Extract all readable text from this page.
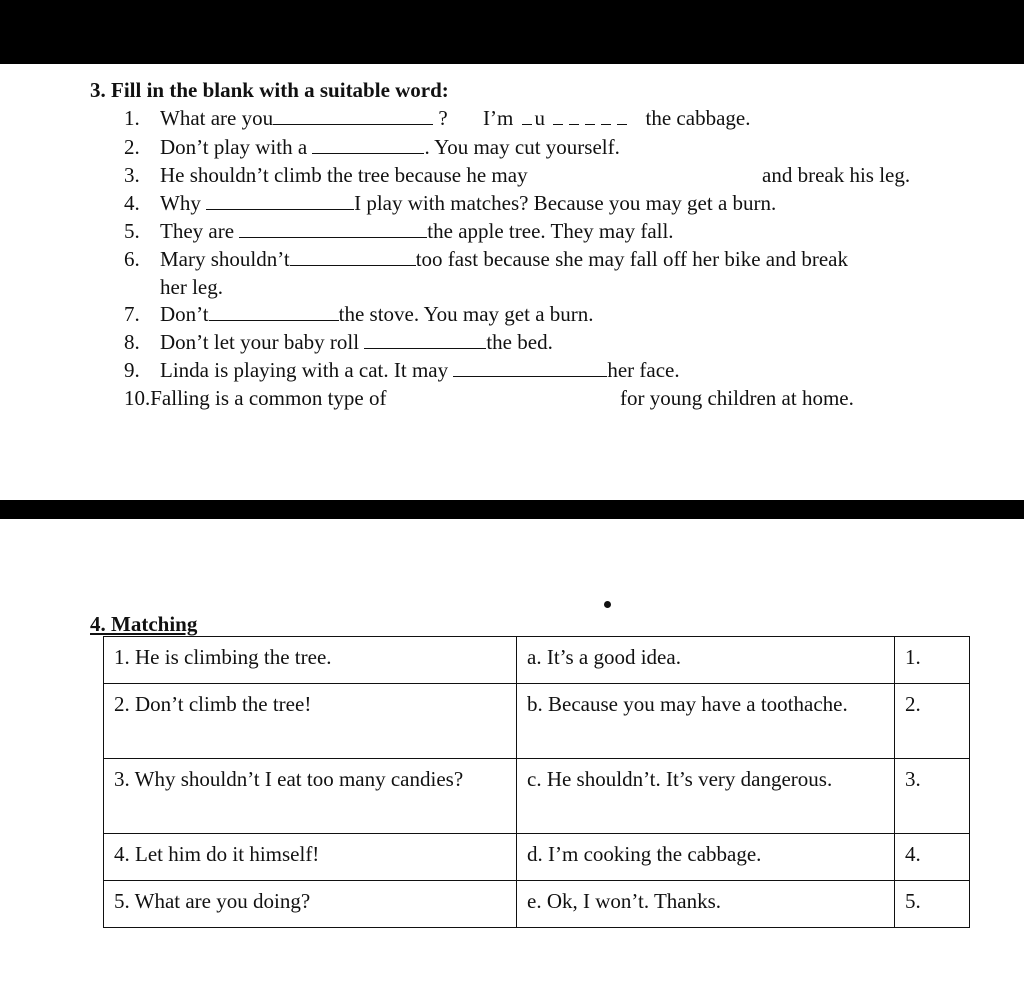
3. Fill in the blank with a suitable word:
1. What are you	? I’m u	the cabbage.
2. Don’t play with a	. You may cut yourself.
3. He shouldn’t climb the tree because he may	and break his leg.
4. Why	I play with matches? Because you may get a burn.
5. They are	the apple tree. They may fall.
6. Mary shouldn’t	too fast because she may fall off her bike and break
her leg.
7. Don’t	the stove. You may get a burn.
8. Don’t let your baby roll	the bed.
9. Linda is playing with a cat. It may	her face.
10.Falling is a common type of	for young children at home.
4. Matching
1. He is climbing the tree.	a. It’s a good idea.	1.
2. Don’t climb the tree!	b. Because you may have a toothache.	2.
3. Why shouldn’t I eat too many candies?	c. He shouldn’t. It’s very dangerous.	3.
4. Let him do it himself!	d. I’m cooking the cabbage.	4.
5. What are you doing?	e. Ok, I won’t. Thanks.	5.
